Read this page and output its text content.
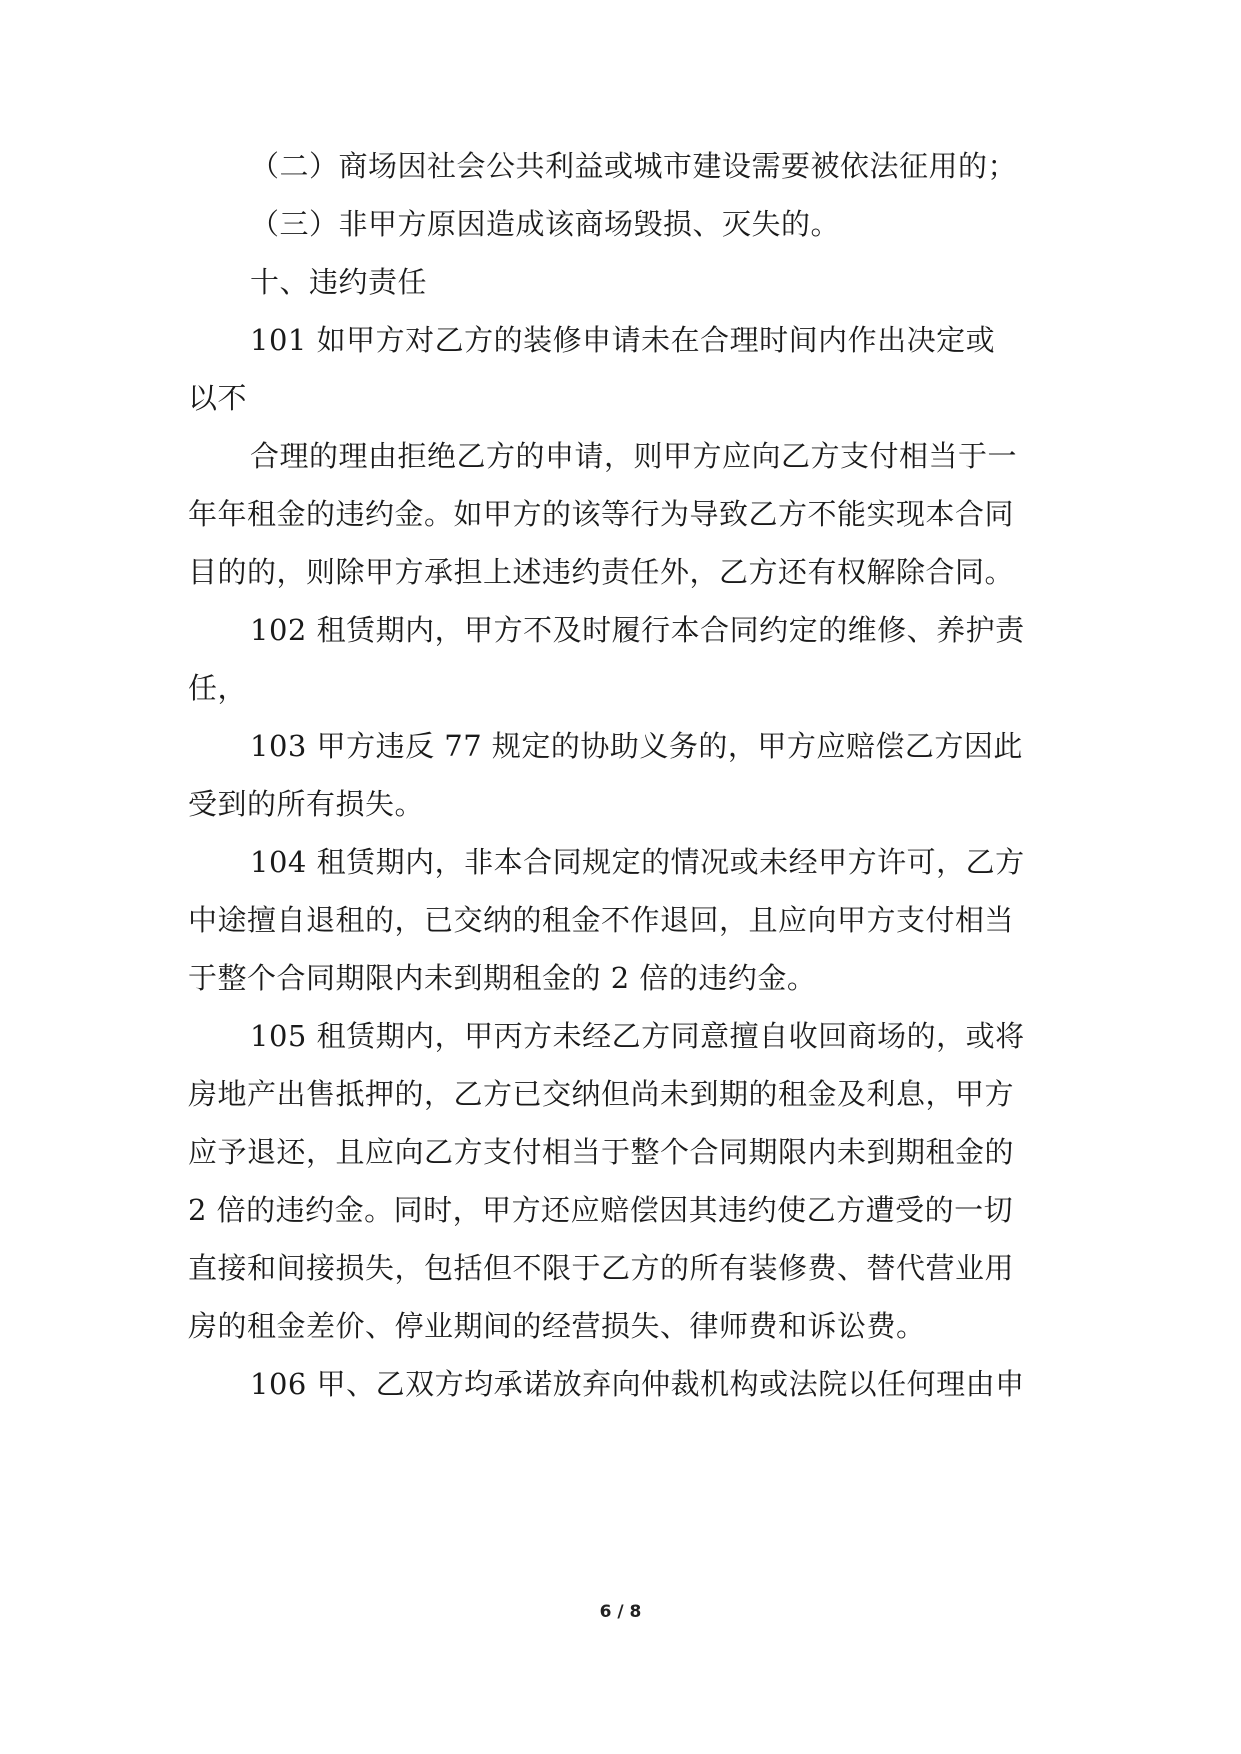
（二）商场因社会公共利益或城市建设需要被依法征用的；
（三）非甲方原因造成该商场毁损、灭失的。
十、违约责任
101 如甲方对乙方的装修申请未在合理时间内作出决定或
以不
合理的理由拒绝乙方的申请，则甲方应向乙方支付相当于一
年年租金的违约金。如甲方的该等行为导致乙方不能实现本合同
目的的，则除甲方承担上述违约责任外，乙方还有权解除合同。
102 租赁期内，甲方不及时履行本合同约定的维修、养护责
任，
103 甲方违反 77 规定的协助义务的，甲方应赔偿乙方因此
受到的所有损失。
104 租赁期内，非本合同规定的情况或未经甲方许可，乙方
中途擅自退租的，已交纳的租金不作退回，且应向甲方支付相当
于整个合同期限内未到期租金的 2 倍的违约金。
105 租赁期内，甲丙方未经乙方同意擅自收回商场的，或将
房地产出售抵押的，乙方已交纳但尚未到期的租金及利息，甲方
应予退还，且应向乙方支付相当于整个合同期限内未到期租金的
2 倍的违约金。同时，甲方还应赔偿因其违约使乙方遭受的一切
直接和间接损失，包括但不限于乙方的所有装修费、替代营业用
房的租金差价、停业期间的经营损失、律师费和诉讼费。
106 甲、乙双方均承诺放弃向仲裁机构或法院以任何理由申
6 / 8
